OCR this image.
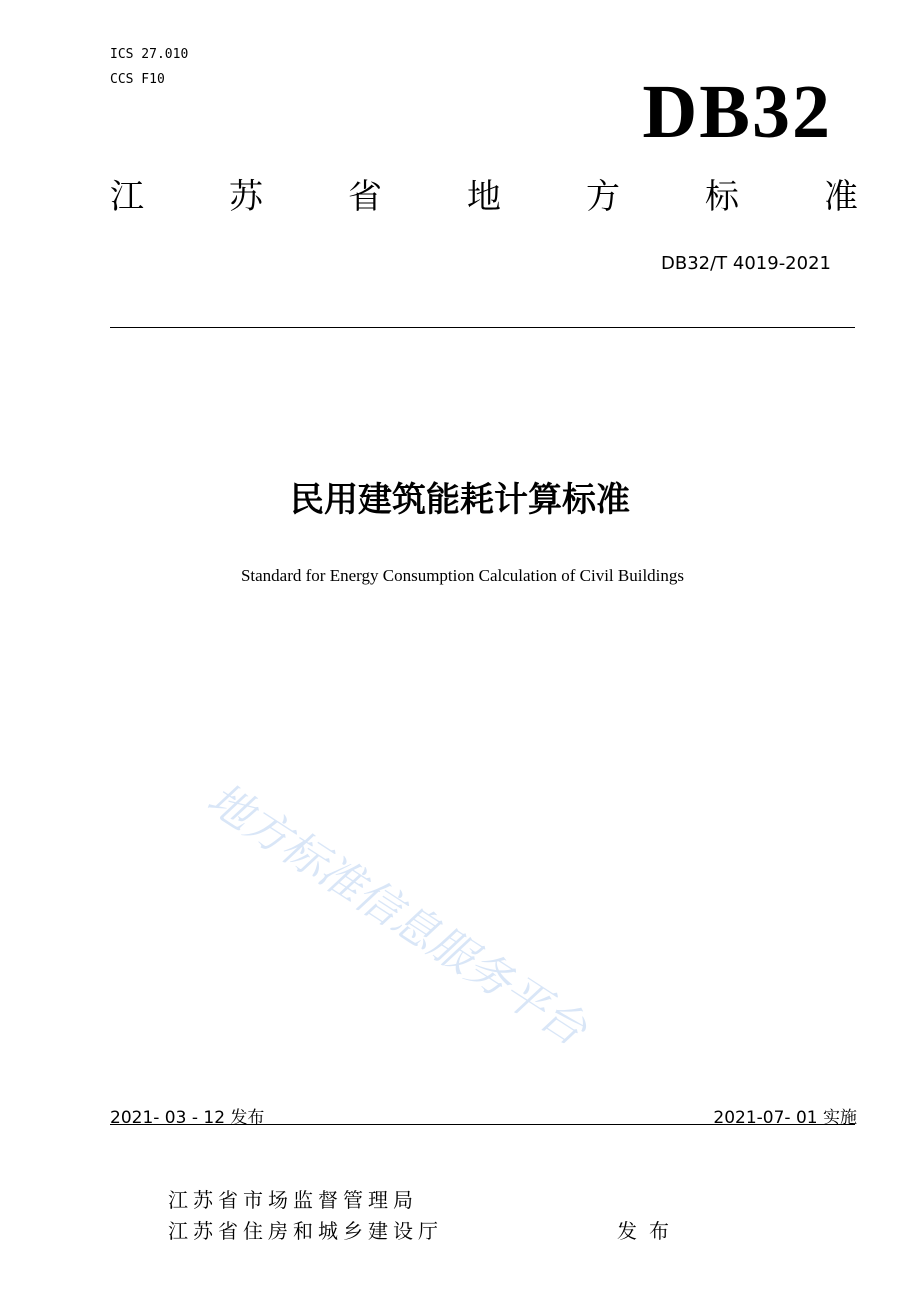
ICS 27.010
CCS F10	DB32
江	苏	省	地	方	标	准
DB32/T 4019-2021
民用建筑能耗计算标准
Standard for Energy Consumption Calculation of Civil Buildings
地方标准信息服务平台
2021- 03 - 12 发布	2021-07- 01 实施
江苏省市场监督管理局
江苏省住房和城乡建设厅	发布
